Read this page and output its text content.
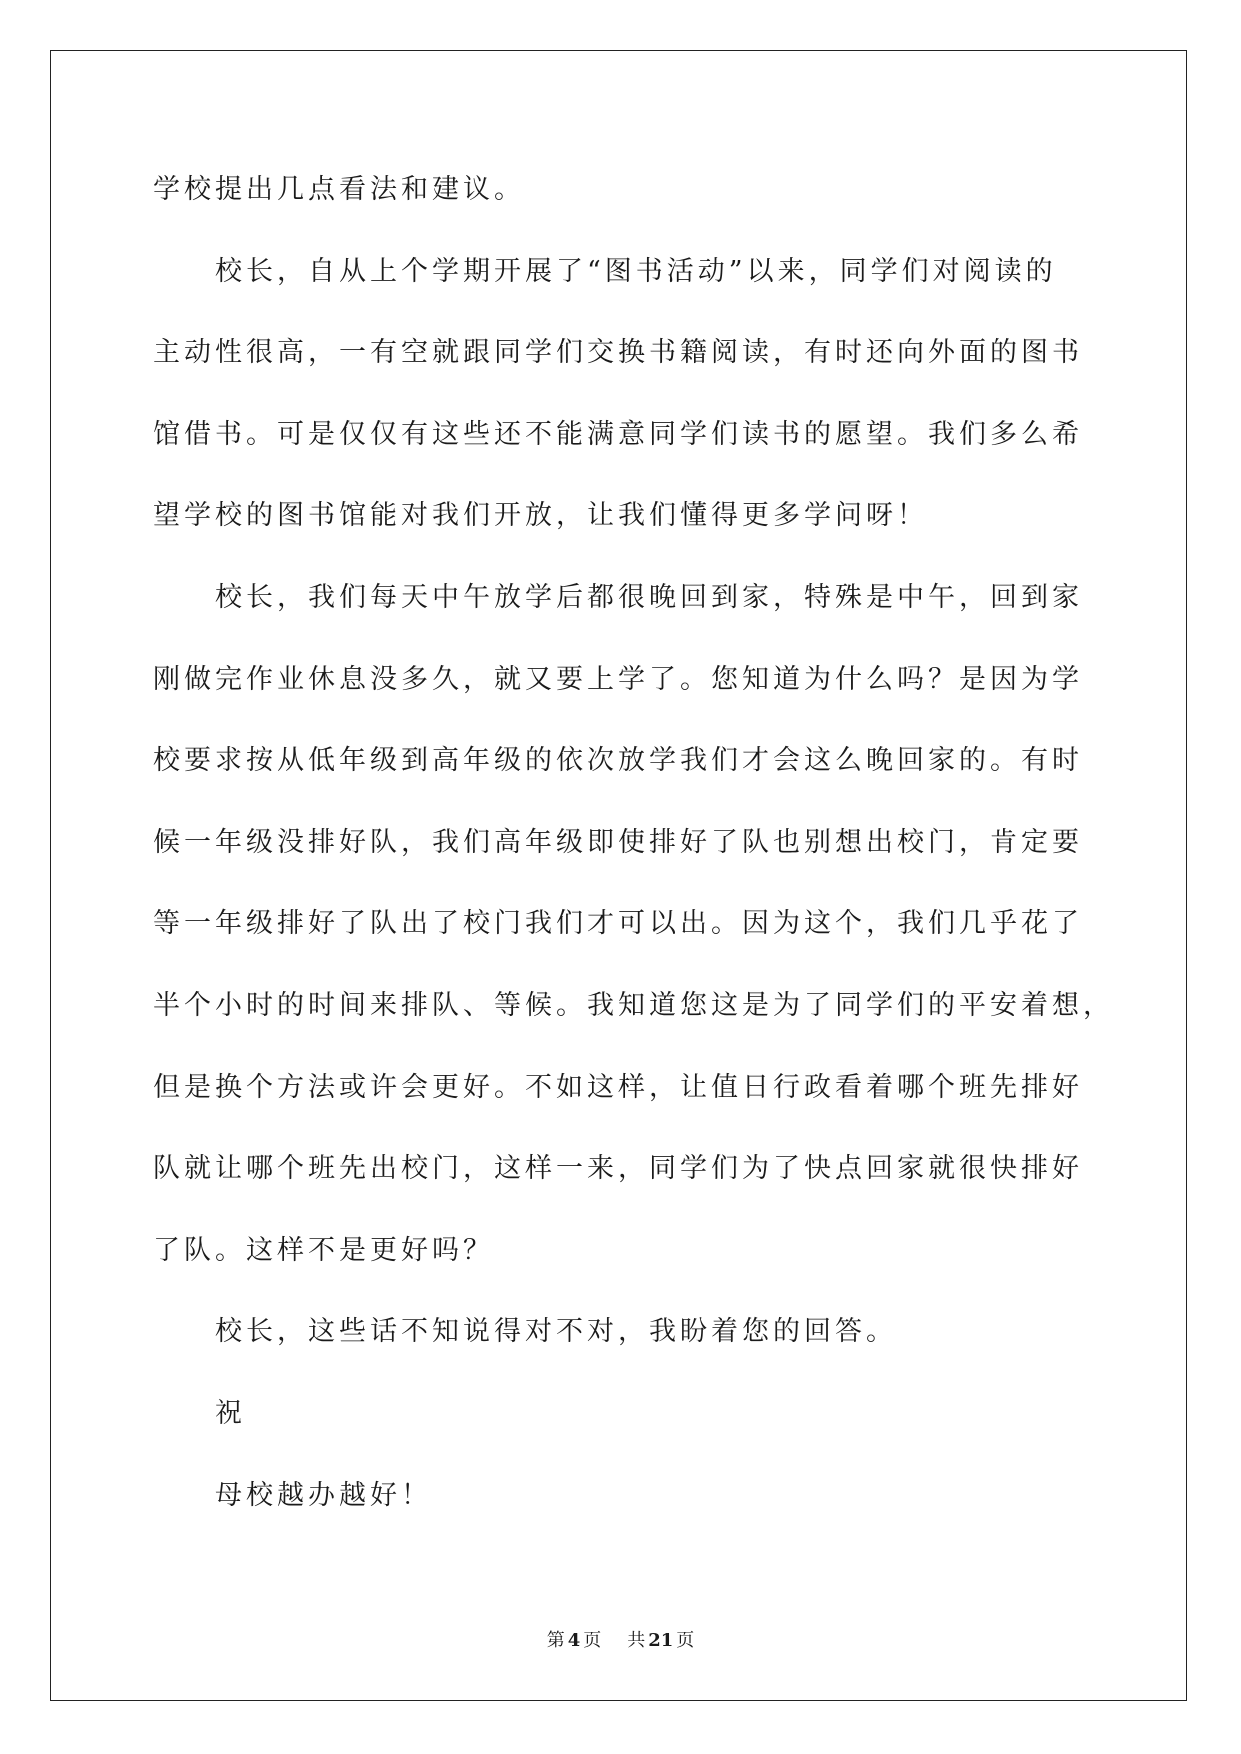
学校提出几点看法和建议。
校长，自从上个学期开展了“图书活动”以来，同学们对阅读的
主动性很高，一有空就跟同学们交换书籍阅读，有时还向外面的图书
馆借书。可是仅仅有这些还不能满意同学们读书的愿望。我们多么希
望学校的图书馆能对我们开放，让我们懂得更多学问呀！
校长，我们每天中午放学后都很晚回到家，特殊是中午，回到家
刚做完作业休息没多久，就又要上学了。您知道为什么吗？是因为学
校要求按从低年级到高年级的依次放学我们才会这么晚回家的。有时
候一年级没排好队，我们高年级即使排好了队也别想出校门，肯定要
等一年级排好了队出了校门我们才可以出。因为这个，我们几乎花了
半个小时的时间来排队、等候。我知道您这是为了同学们的平安着想，
但是换个方法或许会更好。不如这样，让值日行政看着哪个班先排好
队就让哪个班先出校门，这样一来，同学们为了快点回家就很快排好
了队。这样不是更好吗？
校长，这些话不知说得对不对，我盼着您的回答。
祝
母校越办越好！
第 4 页 共 21 页
